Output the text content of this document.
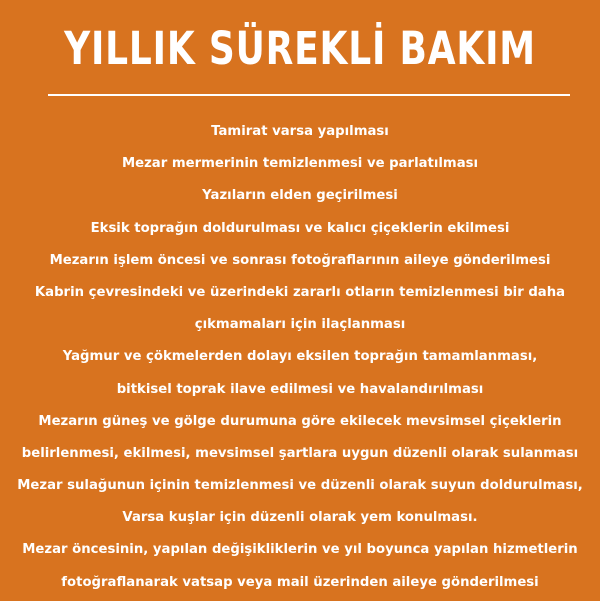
YILLIK SÜREKLİ BAKIM
Tamirat varsa yapılması
Mezar mermerinin temizlenmesi ve parlatılması
Yazıların elden geçirilmesi
Eksik toprağın doldurulması ve kalıcı çiçeklerin ekilmesi
Mezarın işlem öncesi ve sonrası fotoğraflarının aileye gönderilmesi
Kabrin çevresindeki ve üzerindeki zararlı otların temizlenmesi bir daha
çıkmamaları için ilaçlanması
Yağmur ve çökmelerden dolayı eksilen toprağın tamamlanması,
bitkisel toprak ilave edilmesi ve havalandırılması
Mezarın güneş ve gölge durumuna göre ekilecek mevsimsel çiçeklerin
belirlenmesi, ekilmesi, mevsimsel şartlara uygun düzenli olarak sulanması
Mezar sulağunun içinin temizlenmesi ve düzenli olarak suyun doldurulması,
Varsa kuşlar için düzenli olarak yem konulması.
Mezar öncesinin, yapılan değişikliklerin ve yıl boyunca yapılan hizmetlerin
fotoğraflanarak vatsap veya mail üzerinden aileye gönderilmesi
